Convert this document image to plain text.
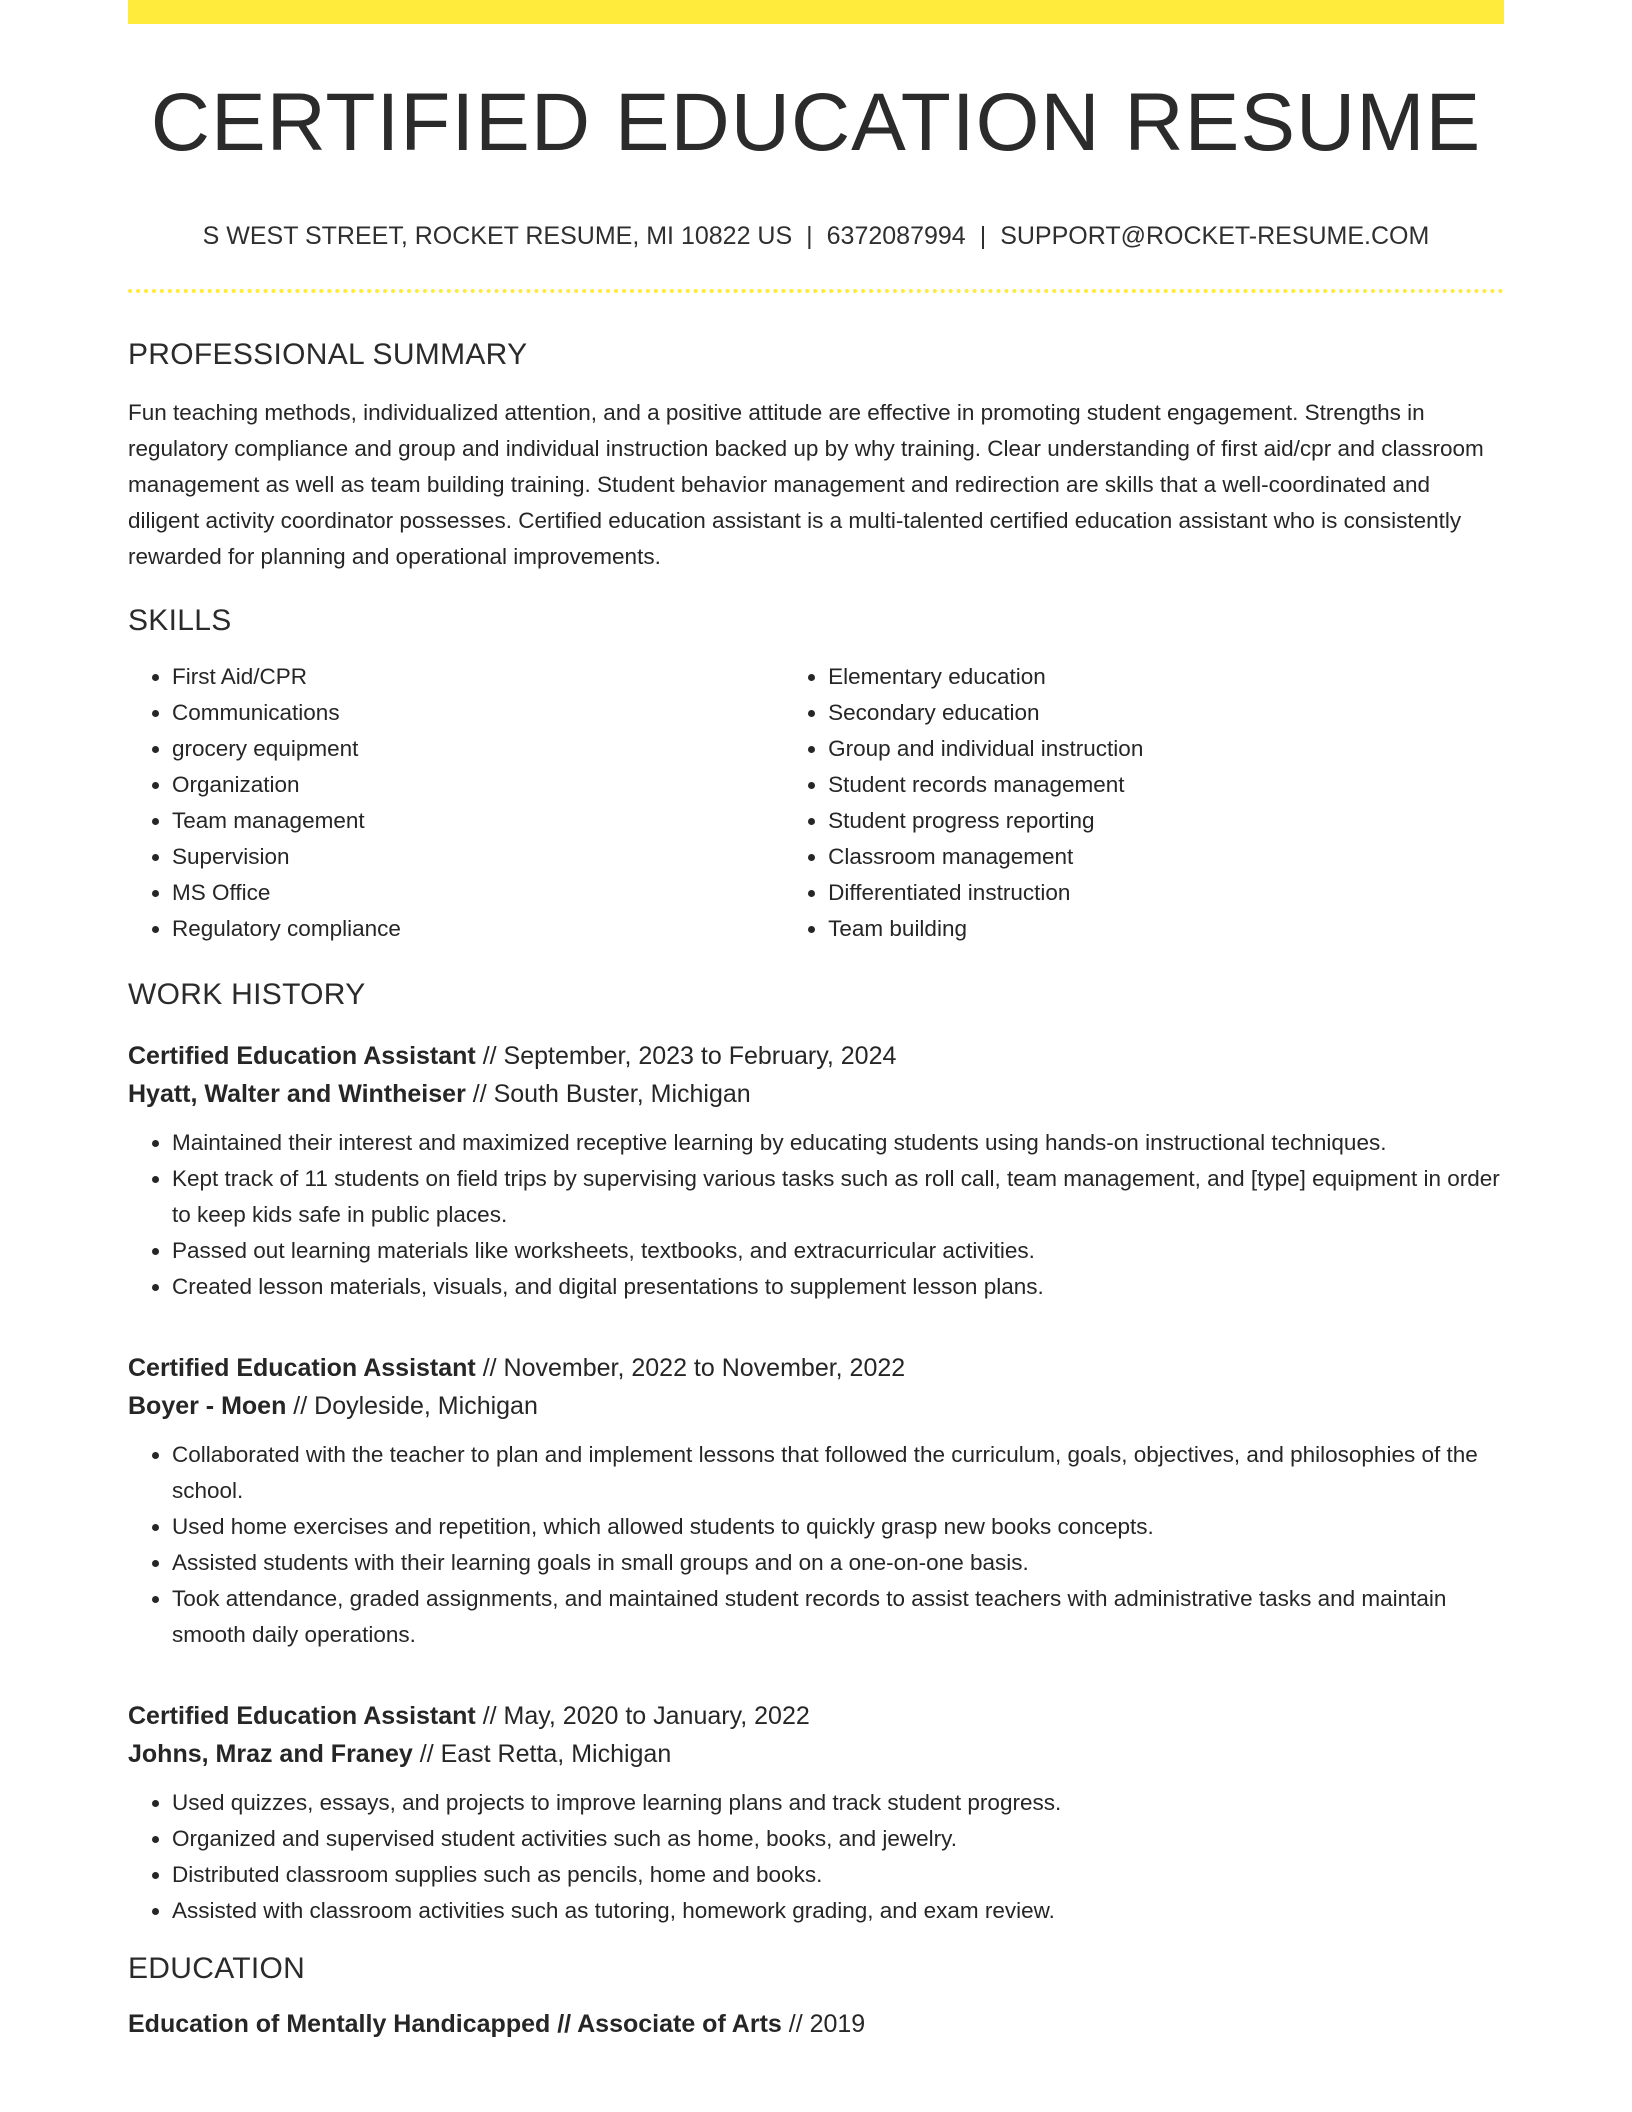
CERTIFIED EDUCATION RESUME
S WEST STREET, ROCKET RESUME, MI 10822 US | 6372087994 | SUPPORT@ROCKET-RESUME.COM
PROFESSIONAL SUMMARY
Fun teaching methods, individualized attention, and a positive attitude are effective in promoting student engagement. Strengths in regulatory compliance and group and individual instruction backed up by why training. Clear understanding of first aid/cpr and classroom management as well as team building training. Student behavior management and redirection are skills that a well-coordinated and diligent activity coordinator possesses. Certified education assistant is a multi-talented certified education assistant who is consistently rewarded for planning and operational improvements.
SKILLS
• First Aid/CPR
• Communications
• grocery equipment
• Organization
• Team management
• Supervision
• MS Office
• Regulatory compliance
• Elementary education
• Secondary education
• Group and individual instruction
• Student records management
• Student progress reporting
• Classroom management
• Differentiated instruction
• Team building
WORK HISTORY
Certified Education Assistant // September, 2023 to February, 2024
Hyatt, Walter and Wintheiser // South Buster, Michigan
• Maintained their interest and maximized receptive learning by educating students using hands-on instructional techniques.
• Kept track of 11 students on field trips by supervising various tasks such as roll call, team management, and [type] equipment in order to keep kids safe in public places.
• Passed out learning materials like worksheets, textbooks, and extracurricular activities.
• Created lesson materials, visuals, and digital presentations to supplement lesson plans.
Certified Education Assistant // November, 2022 to November, 2022
Boyer - Moen // Doyleside, Michigan
• Collaborated with the teacher to plan and implement lessons that followed the curriculum, goals, objectives, and philosophies of the school.
• Used home exercises and repetition, which allowed students to quickly grasp new books concepts.
• Assisted students with their learning goals in small groups and on a one-on-one basis.
• Took attendance, graded assignments, and maintained student records to assist teachers with administrative tasks and maintain smooth daily operations.
Certified Education Assistant // May, 2020 to January, 2022
Johns, Mraz and Franey // East Retta, Michigan
• Used quizzes, essays, and projects to improve learning plans and track student progress.
• Organized and supervised student activities such as home, books, and jewelry.
• Distributed classroom supplies such as pencils, home and books.
• Assisted with classroom activities such as tutoring, homework grading, and exam review.
EDUCATION
Education of Mentally Handicapped // Associate of Arts // 2019
